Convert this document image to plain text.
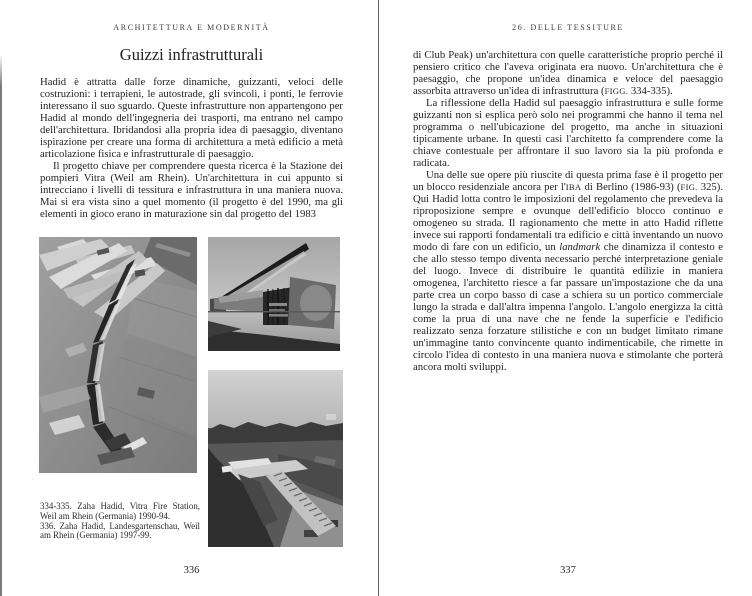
ARCHITETTURA E MODERNITÀ
Guizzi infrastrutturali

Hadid è attratta dalle forze dinamiche, guizzanti, veloci delle costruzioni: i terrapieni, le autostrade, gli svincoli, i ponti, le ferrovie interessano il suo sguardo. Queste infrastrutture non appartengono per Hadid al mondo dell'ingegneria dei trasporti, ma entrano nel campo dell'architettura. Ibridandosi alla propria idea di paesaggio, diventano ispirazione per creare una forma di architettura a metà edificio a metà articolazione fisica e infrastrutturale di paesaggio.

Il progetto chiave per comprendere questa ricerca è la Stazione dei pompieri Vitra (Weil am Rhein). Un'architettura in cui appunto si intrecciano i livelli di tessitura e infrastruttura in una maniera nuova. Mai si era vista sino a quel momento (il progetto è del 1990, ma gli elementi in gioco erano in maturazione sin dal progetto del 1983

334-335. Zaha Hadid, Vitra Fire Station, Weil am Rhein (Germania) 1990-94.

336. Zaha Hadid, Landesgartenschau, Weil am Rhein (Germania) 1997-99.

336
26. DELLE TESSITURE

di Club Peak) un'architettura con quelle caratteristiche proprio perché il pensiero critico che l'aveva originata era nuovo. Un'architettura che è paesaggio, che propone un'idea dinamica e veloce del paesaggio assorbita attraverso un'idea di infrastruttura (FIGG. 334-335).

La riflessione della Hadid sul paesaggio infrastruttura e sulle forme guizzanti non si esplica però solo nei programmi che hanno il tema nel programma o nell'ubicazione del progetto, ma anche in situazioni tipicamente urbane. In questi casi l'architetto fa comprendere come la chiave contestuale per affrontare il suo lavoro sia la più profonda e radicata.

Una delle sue opere più riuscite di questa prima fase è il progetto per un blocco residenziale ancora per l'IBA di Berlino (1986-93) (FIG. 325). Qui Hadid lotta contro le imposizioni del regolamento che prevedeva la riproposizione sempre e ovunque dell'edificio blocco continuo e omogeneo su strada. Il ragionamento che mette in atto Hadid riflette invece sui rapporti fondamentali tra edificio e città inventando un nuovo modo di fare con un edificio, un landmark che dinamizza il contesto e che allo stesso tempo diventa necessario perché interpretazione geniale del luogo. Invece di distribuire le quantità edilizie in maniera omogenea, l'architetto riesce a far passare un'impostazione che da una parte crea un corpo basso di case a schiera su un portico commerciale lungo la strada e dall'altra impenna l'angolo. L'angolo energizza la città come la prua di una nave che ne fende la superficie e l'edificio realizzato senza forzature stilistiche e con un budget limitato rimane un'immagine tanto convincente quanto indimenticabile, che rimette in circolo l'idea di contesto in una maniera nuova e stimolante che porterà ancora molti sviluppi.

337
